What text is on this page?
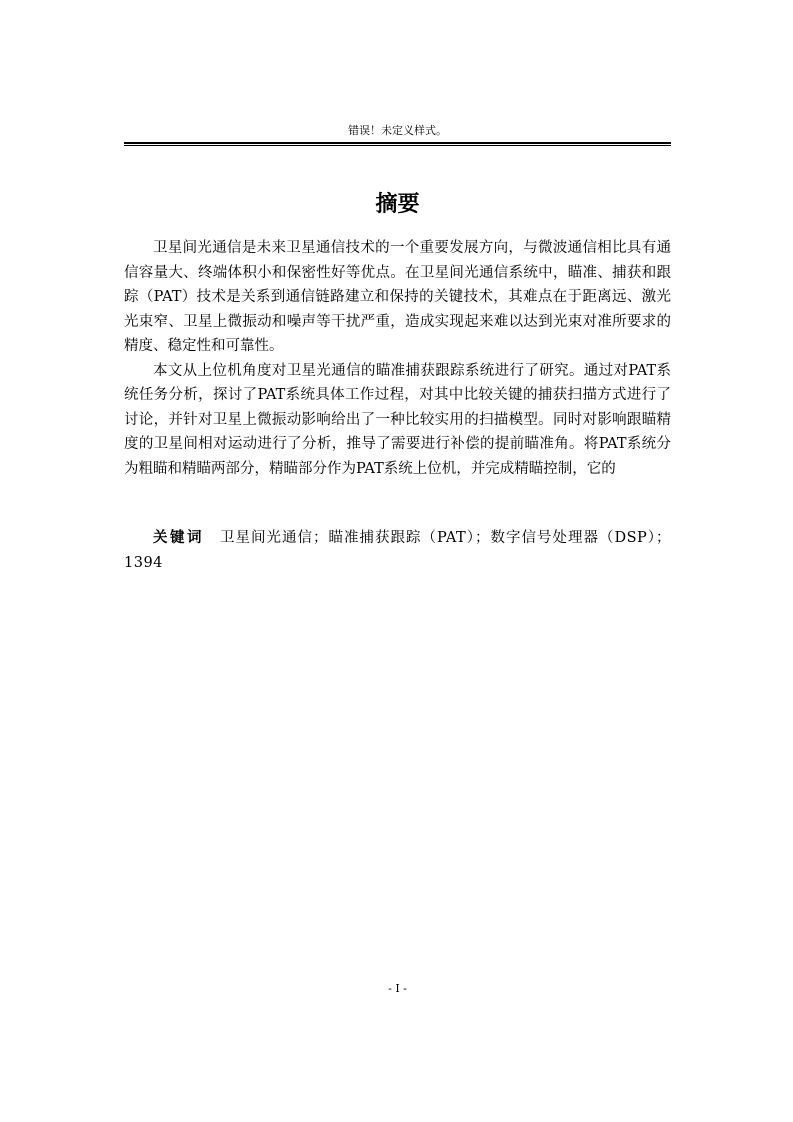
错误！未定义样式。
摘要

卫星间光通信是未来卫星通信技术的一个重要发展方向，与微波通信相比具有通信容量大、终端体积小和保密性好等优点。在卫星间光通信系统中，瞄准、捕获和跟踪（PAT）技术是关系到通信链路建立和保持的关键技术，其难点在于距离远、激光光束窄、卫星上微振动和噪声等干扰严重，造成实现起来难以达到光束对准所要求的精度、稳定性和可靠性。

本文从上位机角度对卫星光通信的瞄准捕获跟踪系统进行了研究。通过对PAT系统任务分析，探讨了PAT系统具体工作过程，对其中比较关键的捕获扫描方式进行了讨论，并针对卫星上微振动影响给出了一种比较实用的扫描模型。同时对影响跟瞄精度的卫星间相对运动进行了分析，推导了需要进行补偿的提前瞄准角。将PAT系统分为粗瞄和精瞄两部分，精瞄部分作为PAT系统上位机，并完成精瞄控制，它的

关键词 卫星间光通信；瞄准捕获跟踪（PAT）；数字信号处理器（DSP）；1394
- I -
